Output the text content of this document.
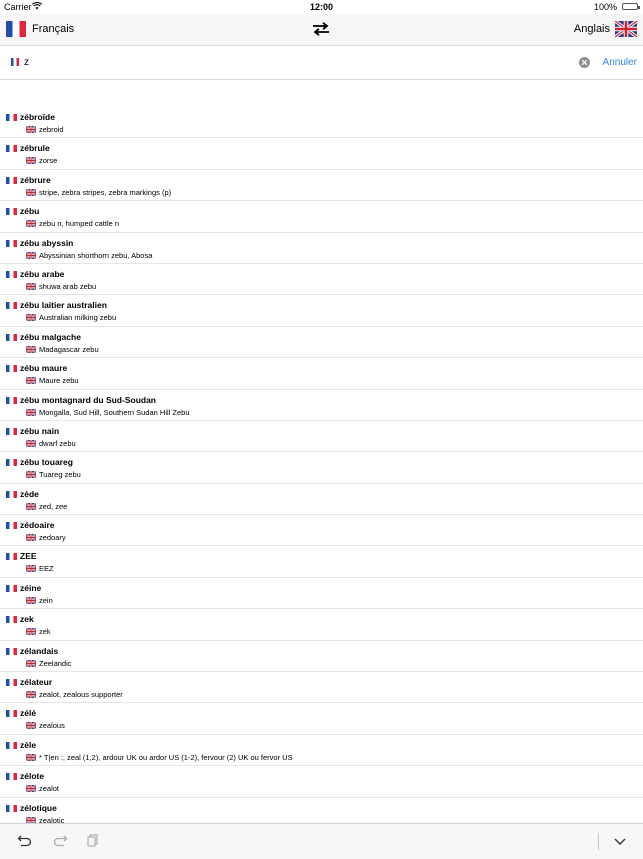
Carrier	12:00	100%
Français	Anglais
z
Annuler
zébroïde
zebroid
zébrule
zorse
zébrure
stripe, zebra stripes, zebra markings (p)
zébu
zebu n, humped cattle n
zébu abyssin
Abyssinian shorthorn zebu, Abosa
zébu arabe
shuwa arab zebu
zébu laitier australien
Australian milking zebu
zébu malgache
Madagascar zebu
zébu maure
Maure zebu
zébu montagnard du Sud-Soudan
Mongalla, Sud Hill, Southern Sudan Hill Zebu
zébu nain
dwarf zebu
zébu touareg
Tuareg zebu
zède
zed, zee
zédoaire
zedoary
ZEE
EEZ
zéine
zein
zek
zek
zélandais
Zeelandic
zélateur
zealot, zealous supporter
zélé
zealous
zèle
* T|en :, zeal (1,2), ardour UK ou ardor US (1-2), fervour (2) UK ou fervor US
zélote
zealot
zélotique
zealotic
